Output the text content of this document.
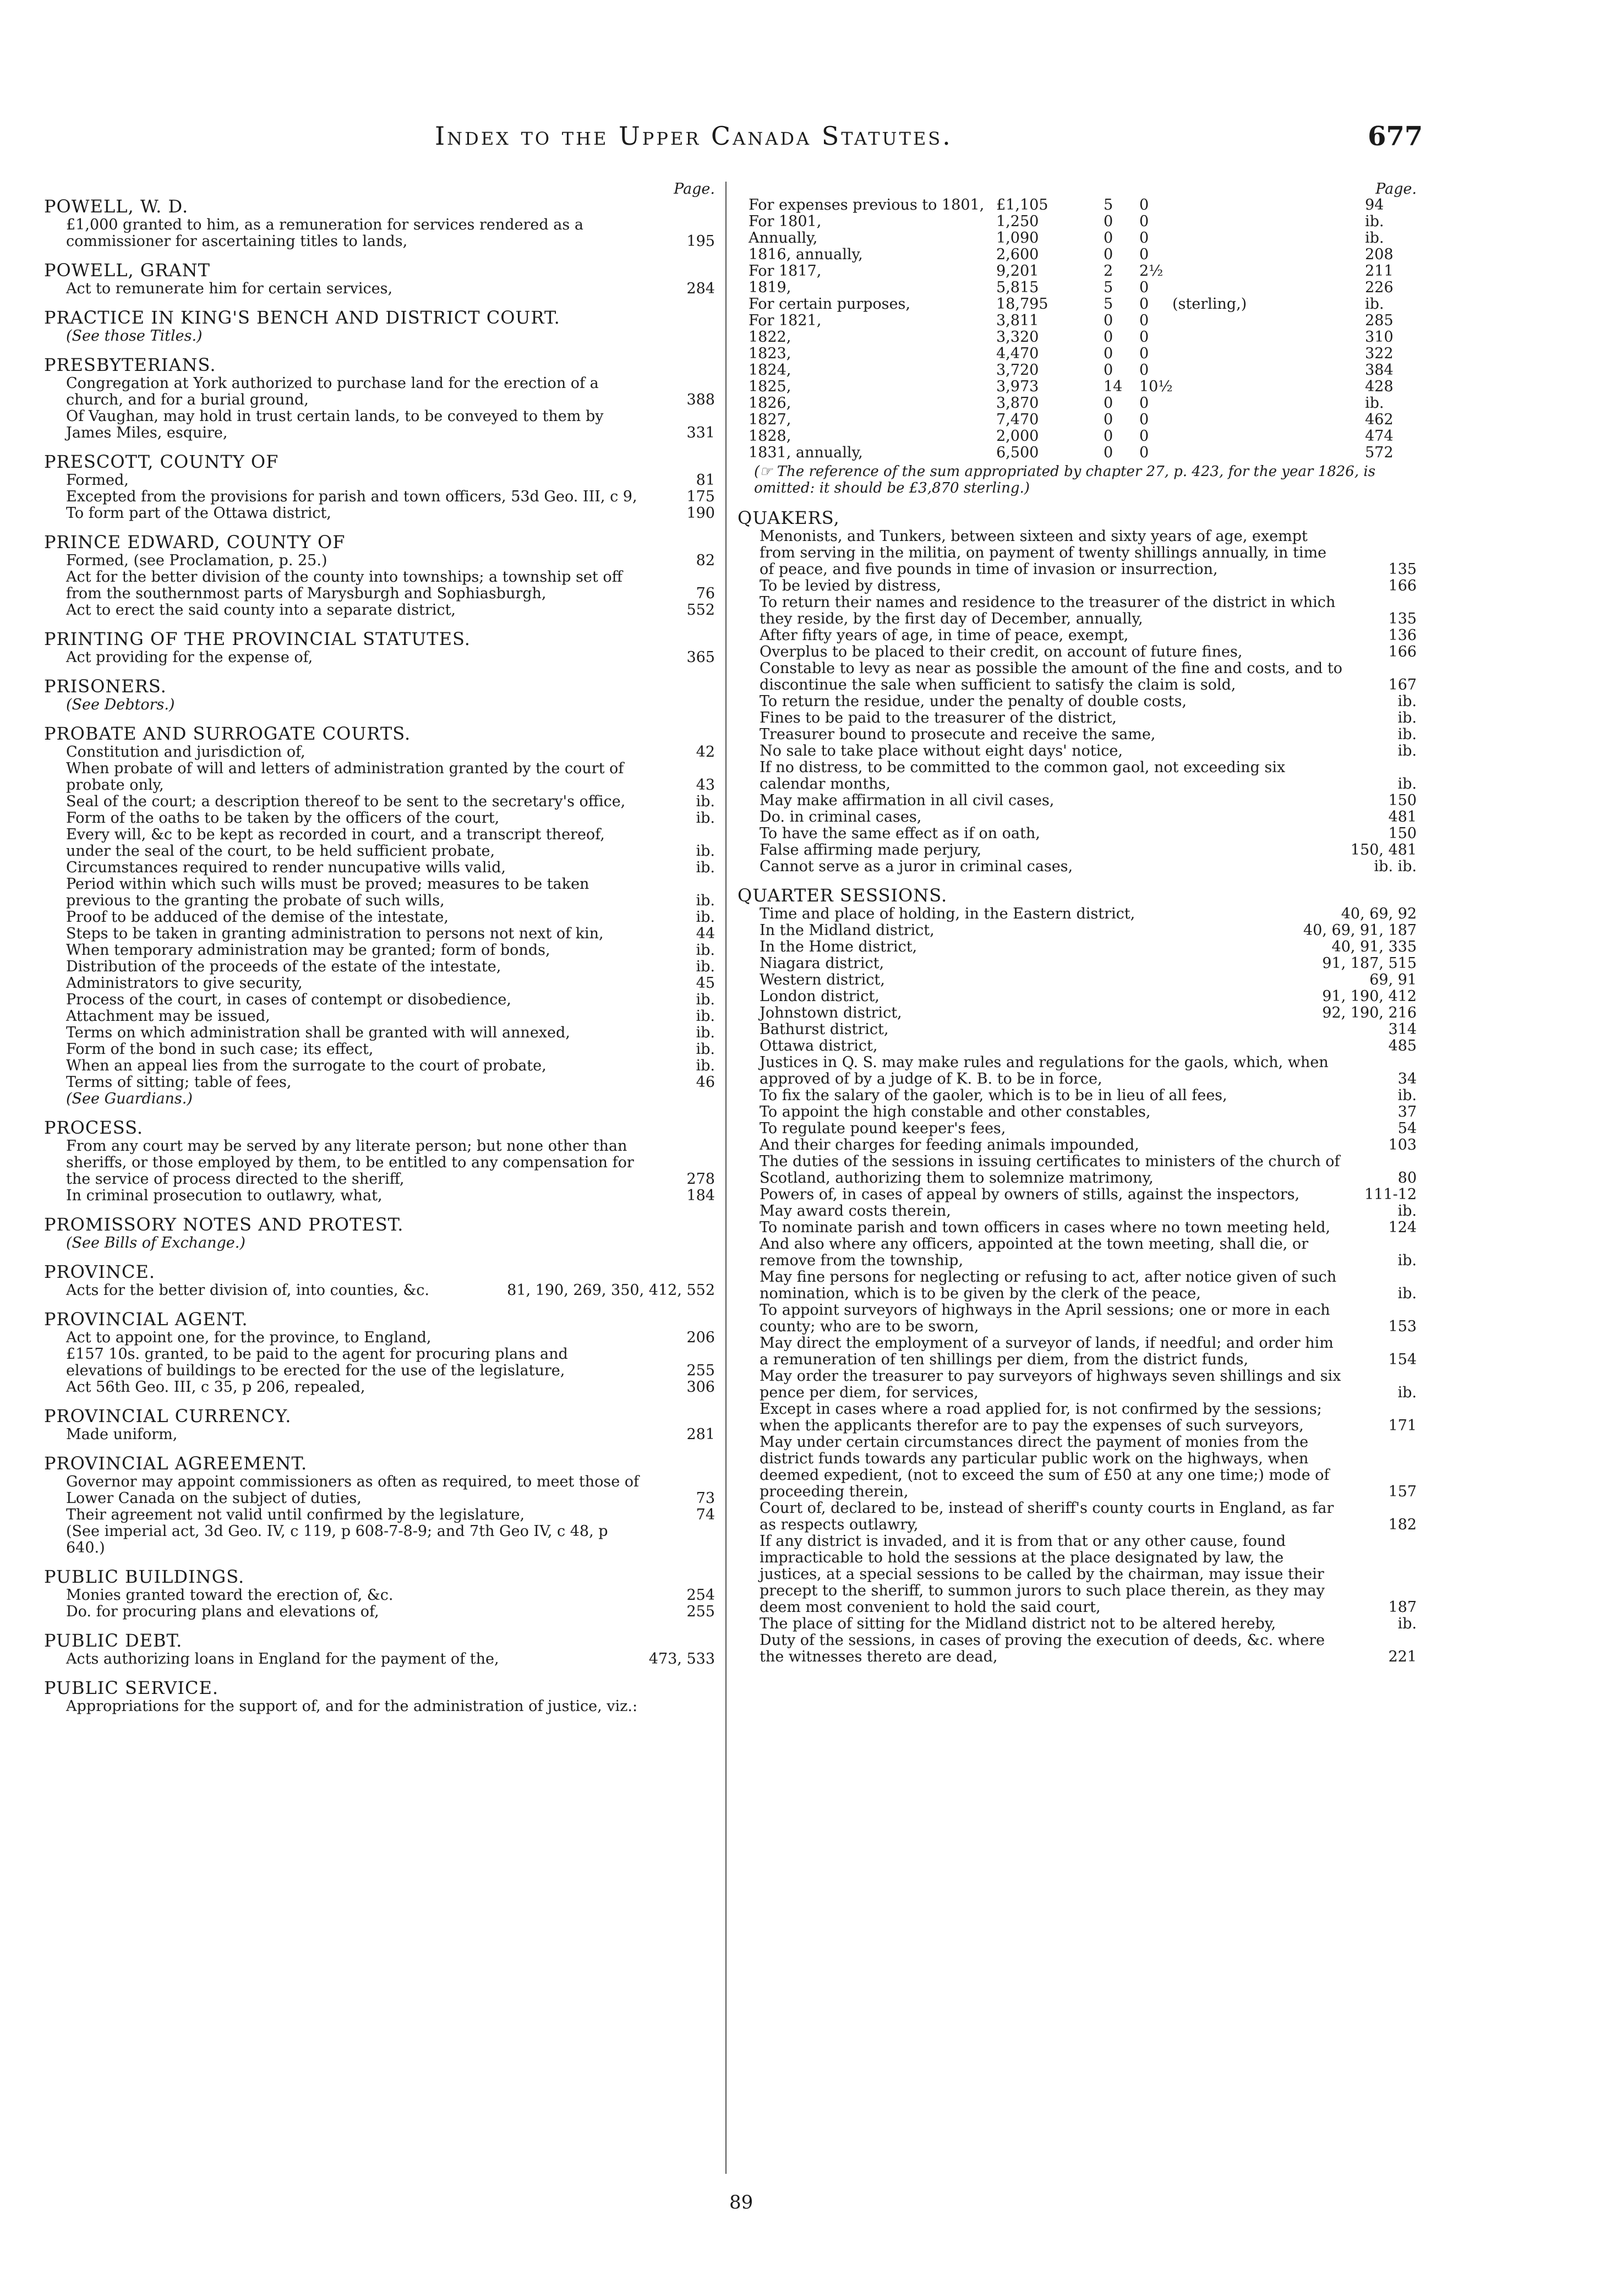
Index to the Upper Canada Statutes.	677
Page.
POWELL, W. D.
£1,000 granted to him, as a remuneration for services rendered as a commissioner for ascertaining titles to lands,	195
POWELL, GRANT
Act to remunerate him for certain services,	284
PRACTICE IN KING'S BENCH AND DISTRICT COURT.
(See those Titles.)
PRESBYTERIANS.
Congregation at York authorized to purchase land for the erection of a church, and for a burial ground,	388
Of Vaughan, may hold in trust certain lands, to be conveyed to them by James Miles, esquire,	331
PRESCOTT, COUNTY OF
Formed,	81
Excepted from the provisions for parish and town officers, 53d Geo. III, c 9,	175
To form part of the Ottawa district,	190
PRINCE EDWARD, COUNTY OF
Formed, (see Proclamation, p. 25.)	82
Act for the better division of the county into townships; a township set off from the southernmost parts of Marysburgh and Sophiasburgh,	76
Act to erect the said county into a separate district,	552
PRINTING OF THE PROVINCIAL STATUTES.
Act providing for the expense of,	365
PRISONERS.
(See Debtors.)
PROBATE AND SURROGATE COURTS.
Constitution and jurisdiction of,	42
When probate of will and letters of administration granted by the court of probate only,	43
Seal of the court; a description thereof to be sent to the secretary's office,	ib.
Form of the oaths to be taken by the officers of the court,	ib.
Every will, &c to be kept as recorded in court, and a transcript thereof, under the seal of the court, to be held sufficient probate,	ib.
Circumstances required to render nuncupative wills valid,	ib.
Period within which such wills must be proved; measures to be taken previous to the granting the probate of such wills,	ib.
Proof to be adduced of the demise of the intestate,	ib.
Steps to be taken in granting administration to persons not next of kin,	44
When temporary administration may be granted; form of bonds,	ib.
Distribution of the proceeds of the estate of the intestate,	ib.
Administrators to give security,	45
Process of the court, in cases of contempt or disobedience,	ib.
Attachment may be issued,	ib.
Terms on which administration shall be granted with will annexed,	ib.
Form of the bond in such case; its effect,	ib.
When an appeal lies from the surrogate to the court of probate,	ib.
Terms of sitting; table of fees,	46
(See Guardians.)
PROCESS.
From any court may be served by any literate person; but none other than sheriffs, or those employed by them, to be entitled to any compensation for the service of process directed to the sheriff,	278
In criminal prosecution to outlawry, what,	184
PROMISSORY NOTES AND PROTEST.
(See Bills of Exchange.)
PROVINCE.
Acts for the better division of, into counties, &c.	81, 190, 269, 350, 412, 552
PROVINCIAL AGENT.
Act to appoint one, for the province, to England,	206
£157 10s. granted, to be paid to the agent for procuring plans and elevations of buildings to be erected for the use of the legislature,	255
Act 56th Geo. III, c 35, p 206, repealed,	306
PROVINCIAL CURRENCY.
Made uniform,	281
PROVINCIAL AGREEMENT.
Governor may appoint commissioners as often as required, to meet those of Lower Canada on the subject of duties,	73
Their agreement not valid until confirmed by the legislature,	74
(See imperial act, 3d Geo. IV, c 119, p 608-7-8-9; and 7th Geo IV, c 48, p 640.)
PUBLIC BUILDINGS.
Monies granted toward the erection of, &c.	254
Do. for procuring plans and elevations of,	255
PUBLIC DEBT.
Acts authorizing loans in England for the payment of the,	473, 533
PUBLIC SERVICE.
Appropriations for the support of, and for the administration of justice, viz.:
Page.
For expenses previous to 1801, £1,105	5 0	94
For 1801,	1,250	0 0	ib.
Annually,	1,090	0 0	ib.
1816, annually,	2,600	0 0	208
For 1817,	9,201	2 2½	211
1819,	5,815	5 0	226
For certain purposes,	18,795	5 0 (sterling,)	ib.
For 1821,	3,811	0 0	285
1822,	3,320	0 0	310
1823,	4,470	0 0	322
1824,	3,720	0 0	384
1825,	3,973	14 10½	428
1826,	3,870	0 0	ib.
1827,	7,470	0 0	462
1828,	2,000	0 0	474
1831, annually,	6,500	0 0	572
(☞ The reference of the sum appropriated by chapter 27, p. 423, for the year 1826, is omitted: it should be £3,870 sterling.)
QUAKERS,
Menonists, and Tunkers, between sixteen and sixty years of age, exempt from serving in the militia, on payment of twenty shillings annually, in time of peace, and five pounds in time of invasion or insurrection,	135
To be levied by distress,	166
To return their names and residence to the treasurer of the district in which they reside, by the first day of December, annually,	135
After fifty years of age, in time of peace, exempt,	136
Overplus to be placed to their credit, on account of future fines,	166
Constable to levy as near as possible the amount of the fine and costs, and to discontinue the sale when sufficient to satisfy the claim is sold,	167
To return the residue, under the penalty of double costs,	ib.
Fines to be paid to the treasurer of the district,	ib.
Treasurer bound to prosecute and receive the same,	ib.
No sale to take place without eight days' notice,	ib.
If no distress, to be committed to the common gaol, not exceeding six calendar months,	ib.
May make affirmation in all civil cases,	150
Do. in criminal cases,	481
To have the same effect as if on oath,	150
False affirming made perjury,	150, 481
Cannot serve as a juror in criminal cases,	ib. ib.
QUARTER SESSIONS.
Time and place of holding, in the Eastern district,	40, 69, 92
In the Midland district,	40, 69, 91, 187
In the Home district,	40, 91, 335
Niagara district,	91, 187, 515
Western district,	69, 91
London district,	91, 190, 412
Johnstown district,	92, 190, 216
Bathurst district,	314
Ottawa district,	485
Justices in Q. S. may make rules and regulations for the gaols, which, when approved of by a judge of K. B. to be in force,	34
To fix the salary of the gaoler, which is to be in lieu of all fees,	ib.
To appoint the high constable and other constables,	37
To regulate pound keeper's fees,	54
And their charges for feeding animals impounded,	103
The duties of the sessions in issuing certificates to ministers of the church of Scotland, authorizing them to solemnize matrimony,	80
Powers of, in cases of appeal by owners of stills, against the inspectors,	111-12
May award costs therein,	ib.
To nominate parish and town officers in cases where no town meeting held,	124
And also where any officers, appointed at the town meeting, shall die, or remove from the township,	ib.
May fine persons for neglecting or refusing to act, after notice given of such nomination, which is to be given by the clerk of the peace,	ib.
To appoint surveyors of highways in the April sessions; one or more in each county; who are to be sworn,	153
May direct the employment of a surveyor of lands, if needful; and order him a remuneration of ten shillings per diem, from the district funds,	154
May order the treasurer to pay surveyors of highways seven shillings and six pence per diem, for services,	ib.
Except in cases where a road applied for, is not confirmed by the sessions; when the applicants therefor are to pay the expenses of such surveyors,	171
May under certain circumstances direct the payment of monies from the district funds towards any particular public work on the highways, when deemed expedient, (not to exceed the sum of £50 at any one time;) mode of proceeding therein,	157
Court of, declared to be, instead of sheriff's county courts in England, as far as respects outlawry,	182
If any district is invaded, and it is from that or any other cause, found impracticable to hold the sessions at the place designated by law, the justices, at a special sessions to be called by the chairman, may issue their precept to the sheriff, to summon jurors to such place therein, as they may deem most convenient to hold the said court,	187
The place of sitting for the Midland district not to be altered hereby,	ib.
Duty of the sessions, in cases of proving the execution of deeds, &c. where the witnesses thereto are dead,	221
89
